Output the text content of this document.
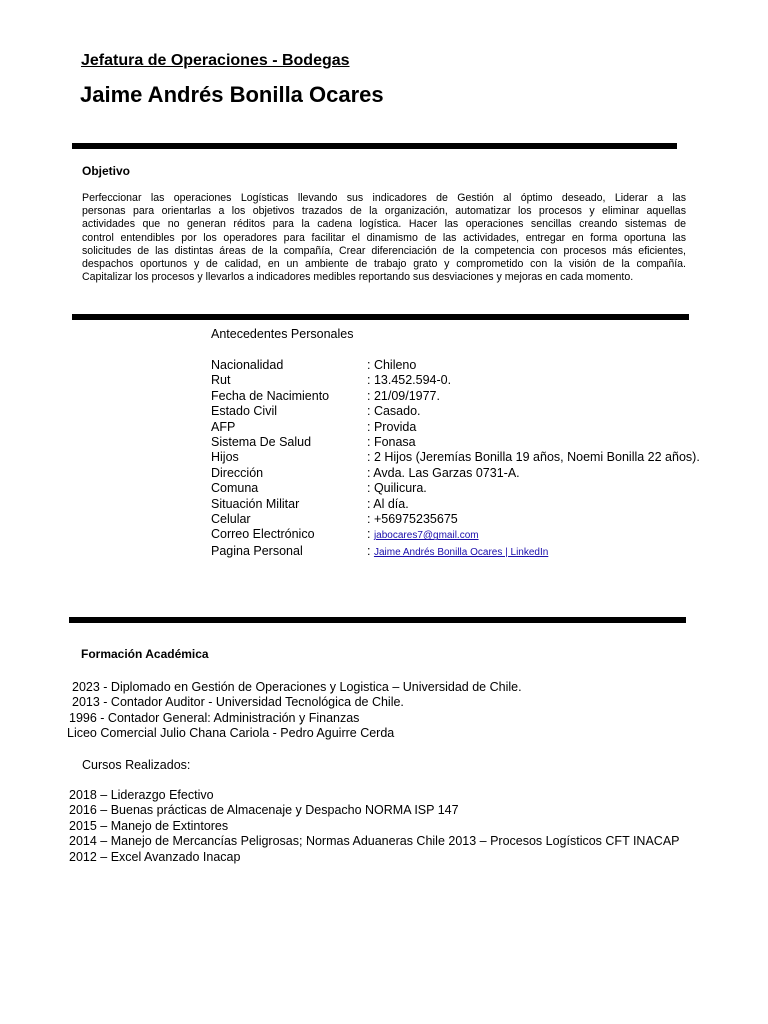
Jefatura de Operaciones - Bodegas
Jaime Andrés Bonilla Ocares
Objetivo
Perfeccionar las operaciones Logísticas llevando sus indicadores de Gestión al óptimo deseado, Liderar a las
personas para orientarlas a los objetivos trazados de la organización, automatizar los procesos y eliminar aquellas
actividades que no generan réditos para la cadena logística. Hacer las operaciones sencillas creando sistemas de
control entendibles por los operadores para facilitar el dinamismo de las actividades, entregar en forma oportuna las
solicitudes de las distintas áreas de la compañía, Crear diferenciación de la competencia con procesos más eficientes,
despachos oportunos y de calidad, en un ambiente de trabajo grato y comprometido con la visión de la compañía.
Capitalizar los procesos y llevarlos a indicadores medibles reportando sus desviaciones y mejoras en cada momento.
Antecedentes Personales
Nacionalidad	: Chileno
Rut	: 13.452.594-0.
Fecha de Nacimiento	: 21/09/1977.
Estado Civil	: Casado.
AFP	: Provida
Sistema De Salud	: Fonasa
Hijos	: 2 Hijos (Jeremías Bonilla 19 años, Noemi Bonilla 22 años).
Dirección	: Avda. Las Garzas 0731-A.
Comuna	: Quilicura.
Situación Militar	: Al día.
Celular	: +56975235675
Correo Electrónico	: jabocares7@gmail.com
Pagina Personal	: Jaime Andrés Bonilla Ocares | LinkedIn
Formación Académica
2023 - Diplomado en Gestión de Operaciones y Logistica – Universidad de Chile.
2013 - Contador Auditor - Universidad Tecnológica de Chile.
1996 - Contador General: Administración y Finanzas
Liceo Comercial Julio Chana Cariola - Pedro Aguirre Cerda
Cursos Realizados:
2018 – Liderazgo Efectivo
2016 – Buenas prácticas de Almacenaje y Despacho NORMA ISP 147
2015 – Manejo de Extintores
2014 – Manejo de Mercancías Peligrosas; Normas Aduaneras Chile 2013 – Procesos Logísticos CFT INACAP
2012 – Excel Avanzado Inacap
